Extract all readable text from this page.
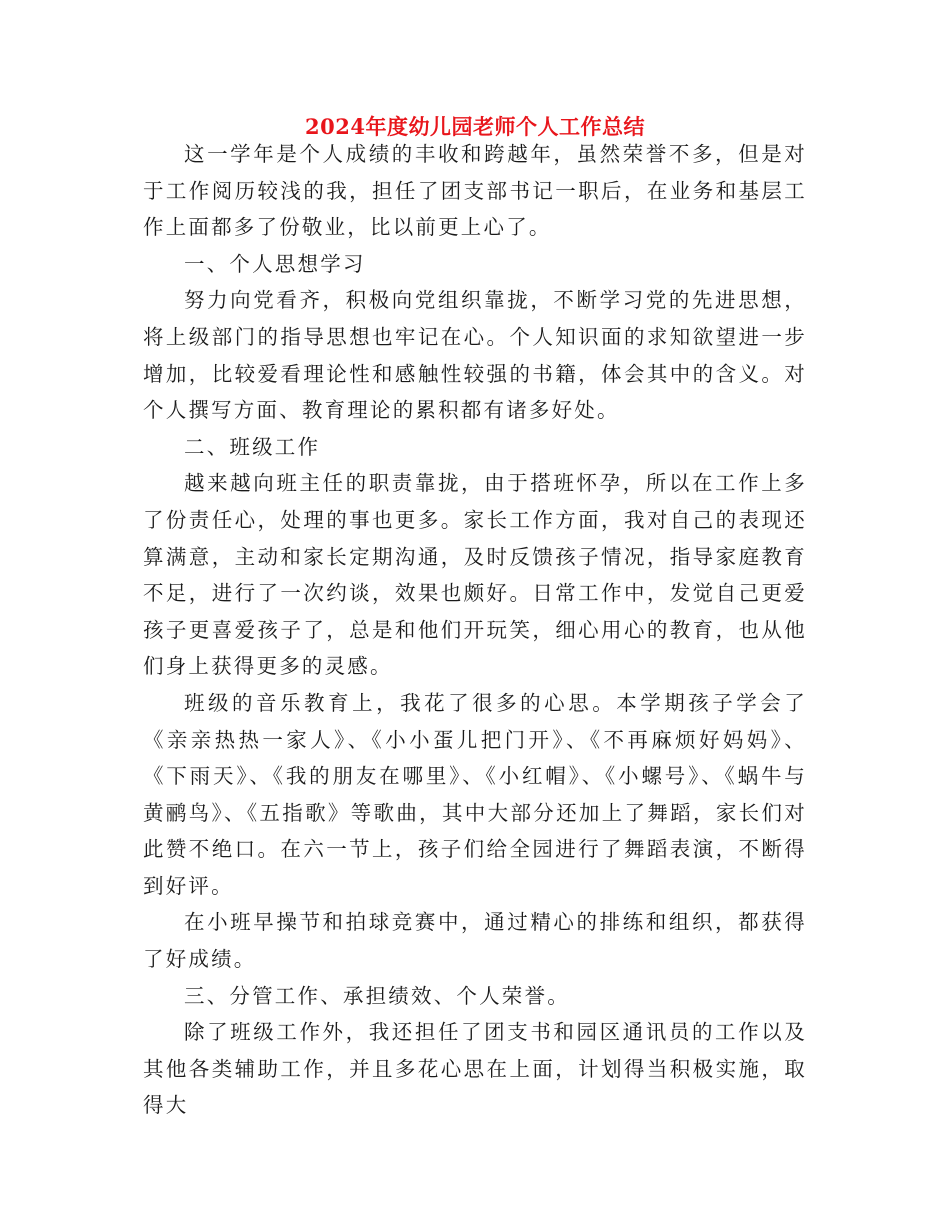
2024年度幼儿园老师个人工作总结

这一学年是个人成绩的丰收和跨越年，虽然荣誉不多，但是对于工作阅历较浅的我，担任了团支部书记一职后，在业务和基层工作上面都多了份敬业，比以前更上心了。

一、个人思想学习

努力向党看齐，积极向党组织靠拢，不断学习党的先进思想，将上级部门的指导思想也牢记在心。个人知识面的求知欲望进一步增加，比较爱看理论性和感触性较强的书籍，体会其中的含义。对个人撰写方面、教育理论的累积都有诸多好处。

二、班级工作

越来越向班主任的职责靠拢，由于搭班怀孕，所以在工作上多了份责任心，处理的事也更多。家长工作方面，我对自己的表现还算满意，主动和家长定期沟通，及时反馈孩子情况，指导家庭教育不足，进行了一次约谈，效果也颇好。日常工作中，发觉自己更爱孩子更喜爱孩子了，总是和他们开玩笑，细心用心的教育，也从他们身上获得更多的灵感。

班级的音乐教育上，我花了很多的心思。本学期孩子学会了《亲亲热热一家人》、《小小蛋儿把门开》、《不再麻烦好妈妈》、《下雨天》、《我的朋友在哪里》、《小红帽》、《小螺号》、《蜗牛与黄鹂鸟》、《五指歌》等歌曲，其中大部分还加上了舞蹈，家长们对此赞不绝口。在六一节上，孩子们给全园进行了舞蹈表演，不断得到好评。

在小班早操节和拍球竞赛中，通过精心的排练和组织，都获得了好成绩。

三、分管工作、承担绩效、个人荣誉。

除了班级工作外，我还担任了团支书和园区通讯员的工作以及其他各类辅助工作，并且多花心思在上面，计划得当积极实施，取得大
